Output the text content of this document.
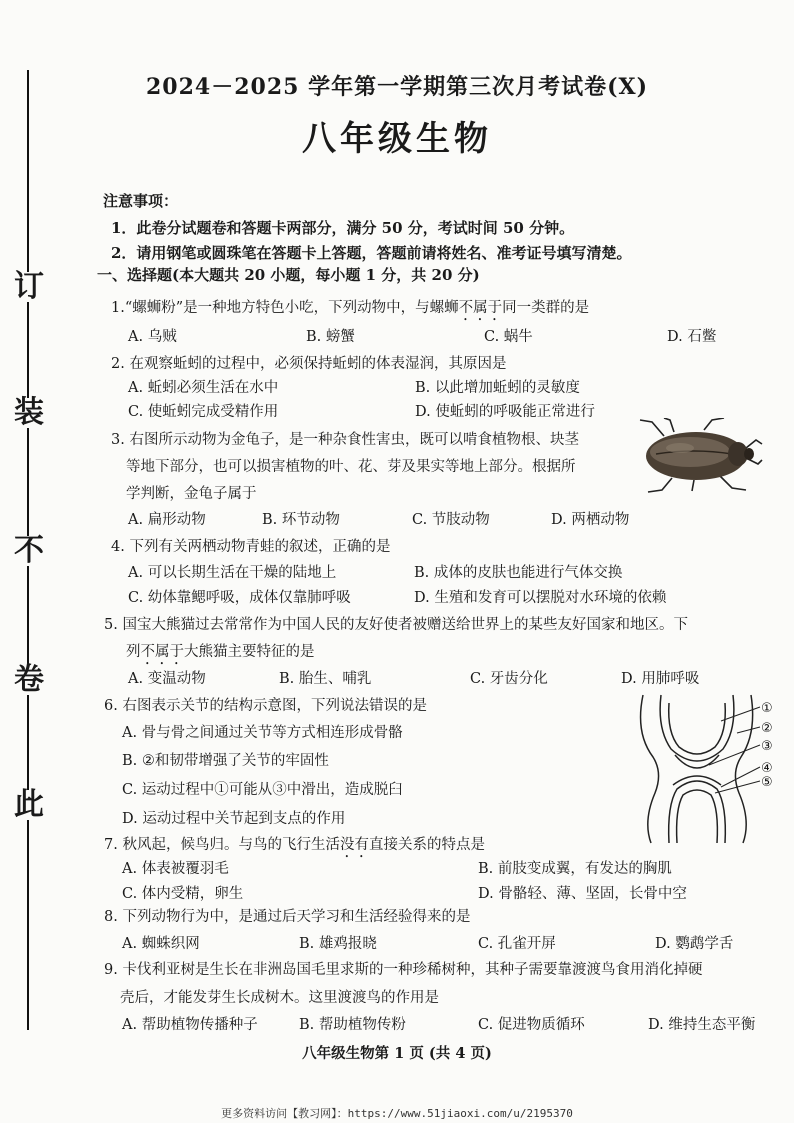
订
装
不
卷
此
2024－2025 学年第一学期第三次月考试卷(X)
八年级生物
注意事项：
1．此卷分试题卷和答题卡两部分，满分 50 分，考试时间 50 分钟。
2．请用钢笔或圆珠笔在答题卡上答题，答题前请将姓名、准考证号填写清楚。
一、选择题(本大题共 20 小题，每小题 1 分，共 20 分)
1.“螺蛳粉”是一种地方特色小吃，下列动物中，与螺蛳不属于同一类群的是
A. 乌贼	B. 螃蟹	C. 蜗牛	D. 石鳖
2. 在观察蚯蚓的过程中，必须保持蚯蚓的体表湿润，其原因是
A. 蚯蚓必须生活在水中	B. 以此增加蚯蚓的灵敏度
C. 使蚯蚓完成受精作用	D. 使蚯蚓的呼吸能正常进行
3. 右图所示动物为金龟子，是一种杂食性害虫，既可以啃食植物根、块茎
等地下部分，也可以损害植物的叶、花、芽及果实等地上部分。根据所
学判断，金龟子属于
A. 扁形动物	B. 环节动物	C. 节肢动物	D. 两栖动物
4. 下列有关两栖动物青蛙的叙述，正确的是
A. 可以长期生活在干燥的陆地上	B. 成体的皮肤也能进行气体交换
C. 幼体靠鳃呼吸，成体仅靠肺呼吸	D. 生殖和发育可以摆脱对水环境的依赖
5. 国宝大熊猫过去常常作为中国人民的友好使者被赠送给世界上的某些友好国家和地区。下
列不属于大熊猫主要特征的是
A. 变温动物	B. 胎生、哺乳	C. 牙齿分化	D. 用肺呼吸
6. 右图表示关节的结构示意图，下列说法错误的是
A. 骨与骨之间通过关节等方式相连形成骨骼
B. ②和韧带增强了关节的牢固性
C. 运动过程中①可能从③中滑出，造成脱臼
D. 运动过程中关节起到支点的作用
①
②
③
④
⑤
7. 秋风起，候鸟归。与鸟的飞行生活没有直接关系的特点是
A. 体表被覆羽毛	B. 前肢变成翼，有发达的胸肌
C. 体内受精，卵生	D. 骨骼轻、薄、坚固，长骨中空
8. 下列动物行为中，是通过后天学习和生活经验得来的是
A. 蜘蛛织网	B. 雄鸡报晓	C. 孔雀开屏	D. 鹦鹉学舌
9. 卡伐利亚树是生长在非洲岛国毛里求斯的一种珍稀树种，其种子需要靠渡渡鸟食用消化掉硬
壳后，才能发芽生长成树木。这里渡渡鸟的作用是
A. 帮助植物传播种子	B. 帮助植物传粉	C. 促进物质循环	D. 维持生态平衡
八年级生物第 1 页 (共 4 页)
更多资料访问【教习网】：https://www.51jiaoxi.com/u/2195370
